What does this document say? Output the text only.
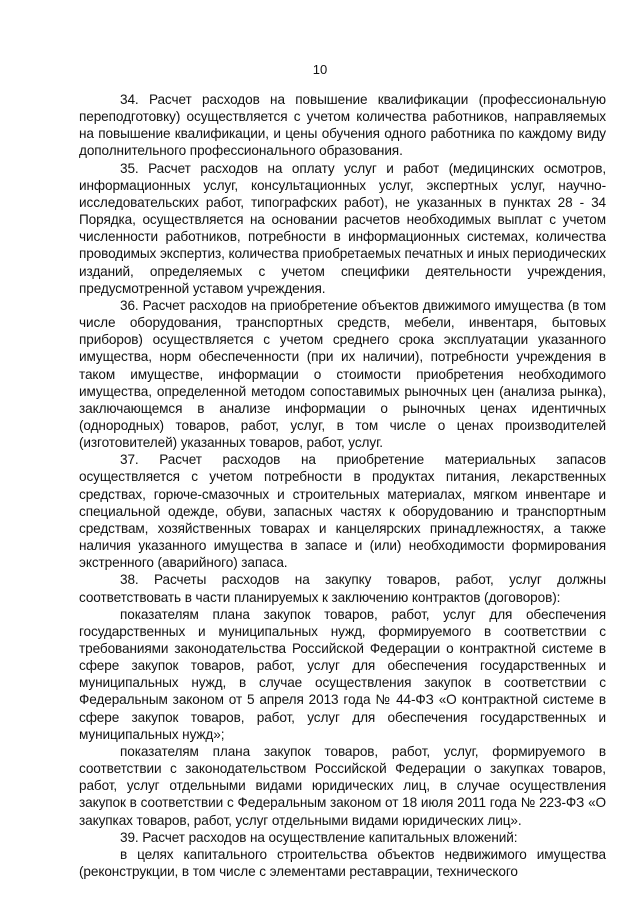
10

34. Расчет расходов на повышение квалификации (профессиональную переподготовку) осуществляется с учетом количества работников, направляемых на повышение квалификации, и цены обучения одного работника по каждому виду дополнительного профессионального образования.

35. Расчет расходов на оплату услуг и работ (медицинских осмотров, информационных услуг, консультационных услуг, экспертных услуг, научно-исследовательских работ, типографских работ), не указанных в пунктах 28 - 34 Порядка, осуществляется на основании расчетов необходимых выплат с учетом численности работников, потребности в информационных системах, количества проводимых экспертиз, количества приобретаемых печатных и иных периодических изданий, определяемых с учетом специфики деятельности учреждения, предусмотренной уставом учреждения.

36. Расчет расходов на приобретение объектов движимого имущества (в том числе оборудования, транспортных средств, мебели, инвентаря, бытовых приборов) осуществляется с учетом среднего срока эксплуатации указанного имущества, норм обеспеченности (при их наличии), потребности учреждения в таком имуществе, информации о стоимости приобретения необходимого имущества, определенной методом сопоставимых рыночных цен (анализа рынка), заключающемся в анализе информации о рыночных ценах идентичных (однородных) товаров, работ, услуг, в том числе о ценах производителей (изготовителей) указанных товаров, работ, услуг.

37. Расчет расходов на приобретение материальных запасов осуществляется с учетом потребности в продуктах питания, лекарственных средствах, горюче-смазочных и строительных материалах, мягком инвентаре и специальной одежде, обуви, запасных частях к оборудованию и транспортным средствам, хозяйственных товарах и канцелярских принадлежностях, а также наличия указанного имущества в запасе и (или) необходимости формирования экстренного (аварийного) запаса.

38. Расчеты расходов на закупку товаров, работ, услуг должны соответствовать в части планируемых к заключению контрактов (договоров):

показателям плана закупок товаров, работ, услуг для обеспечения государственных и муниципальных нужд, формируемого в соответствии с требованиями законодательства Российской Федерации о контрактной системе в сфере закупок товаров, работ, услуг для обеспечения государственных и муниципальных нужд, в случае осуществления закупок в соответствии с Федеральным законом от 5 апреля 2013 года № 44-ФЗ «О контрактной системе в сфере закупок товаров, работ, услуг для обеспечения государственных и муниципальных нужд»;

показателям плана закупок товаров, работ, услуг, формируемого в соответствии с законодательством Российской Федерации о закупках товаров, работ, услуг отдельными видами юридических лиц, в случае осуществления закупок в соответствии с Федеральным законом от 18 июля 2011 года № 223-ФЗ «О закупках товаров, работ, услуг отдельными видами юридических лиц».

39. Расчет расходов на осуществление капитальных вложений:

в целях капитального строительства объектов недвижимого имущества (реконструкции, в том числе с элементами реставрации, технического
